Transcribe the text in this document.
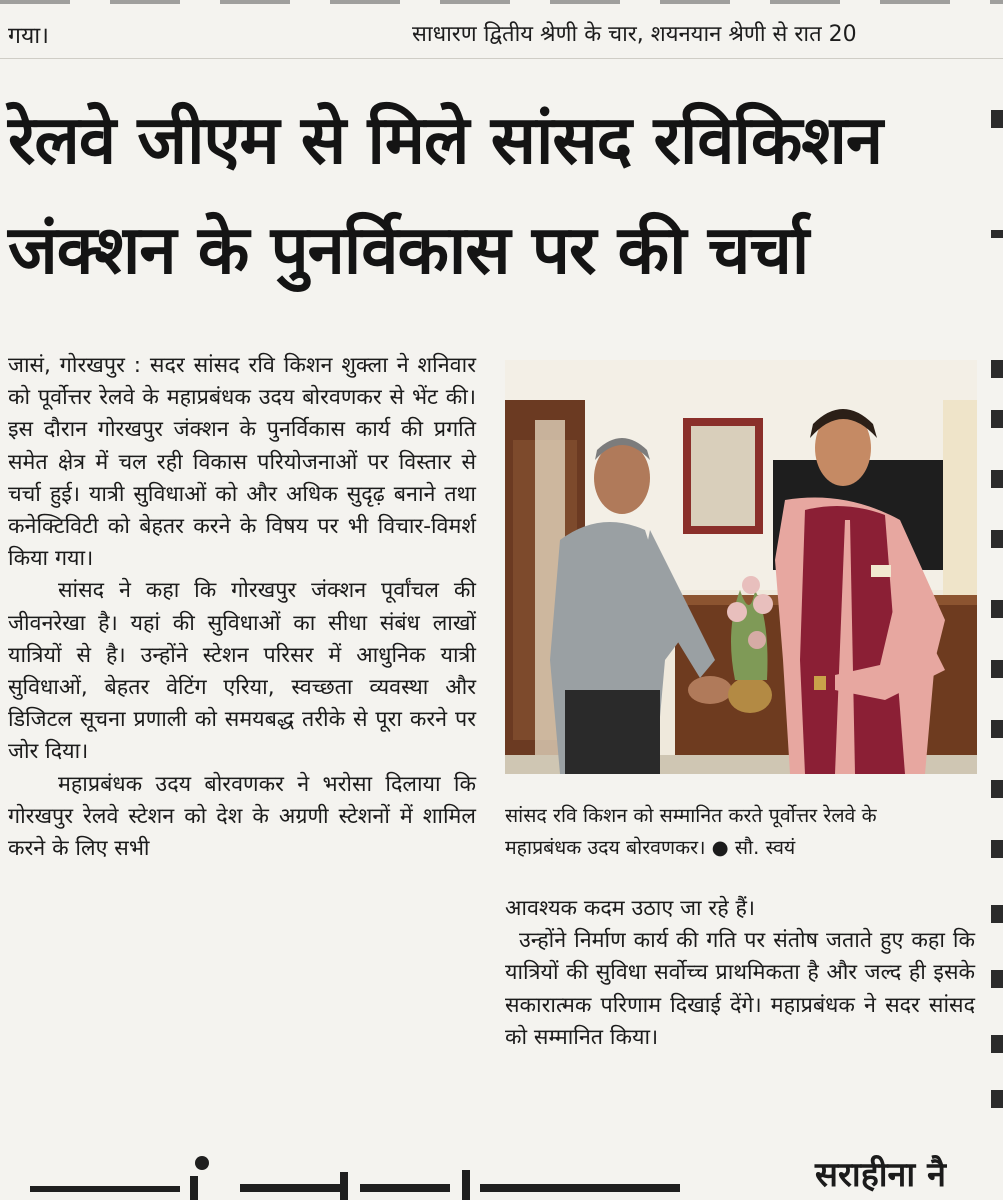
गया।	साधारण द्वितीय श्रेणी के चार, शयनयान श्रेणी से रात 20
रेलवे जीएम से मिले सांसद रविकिशन
जंक्शन के पुनर्विकास पर की चर्चा

जासं, गोरखपुर : सदर सांसद रवि किशन शुक्ला ने शनिवार को पूर्वोत्तर रेलवे के महाप्रबंधक उदय बोरवणकर से भेंट की। इस दौरान गोरखपुर जंक्शन के पुनर्विकास कार्य की प्रगति समेत क्षेत्र में चल रही विकास परियोजनाओं पर विस्तार से चर्चा हुई। यात्री सुविधाओं को और अधिक सुदृढ़ बनाने तथा कनेक्टिविटी को बेहतर करने के विषय पर भी विचार-विमर्श किया गया।

सांसद ने कहा कि गोरखपुर जंक्शन पूर्वांचल की जीवनरेखा है। यहां की सुविधाओं का सीधा संबंध लाखों यात्रियों से है। उन्होंने स्टेशन परिसर में आधुनिक यात्री सुविधाओं, बेहतर वेटिंग एरिया, स्वच्छता व्यवस्था और डिजिटल सूचना प्रणाली को समयबद्ध तरीके से पूरा करने पर जोर दिया।

महाप्रबंधक उदय बोरवणकर ने भरोसा दिलाया कि गोरखपुर रेलवे स्टेशन को देश के अग्रणी स्टेशनों में शामिल करने के लिए सभी

सांसद रवि किशन को सम्मानित करते पूर्वोत्तर रेलवे के
महाप्रबंधक उदय बोरवणकर। ● सौ. स्वयं

आवश्यक कदम उठाए जा रहे हैं।

उन्होंने निर्माण कार्य की गति पर संतोष जताते हुए कहा कि यात्रियों की सुविधा सर्वोच्च प्राथमिकता है और जल्द ही इसके सकारात्मक परिणाम दिखाई देंगे। महाप्रबंधक ने सदर सांसद को सम्मानित किया।

सराहीना नै
